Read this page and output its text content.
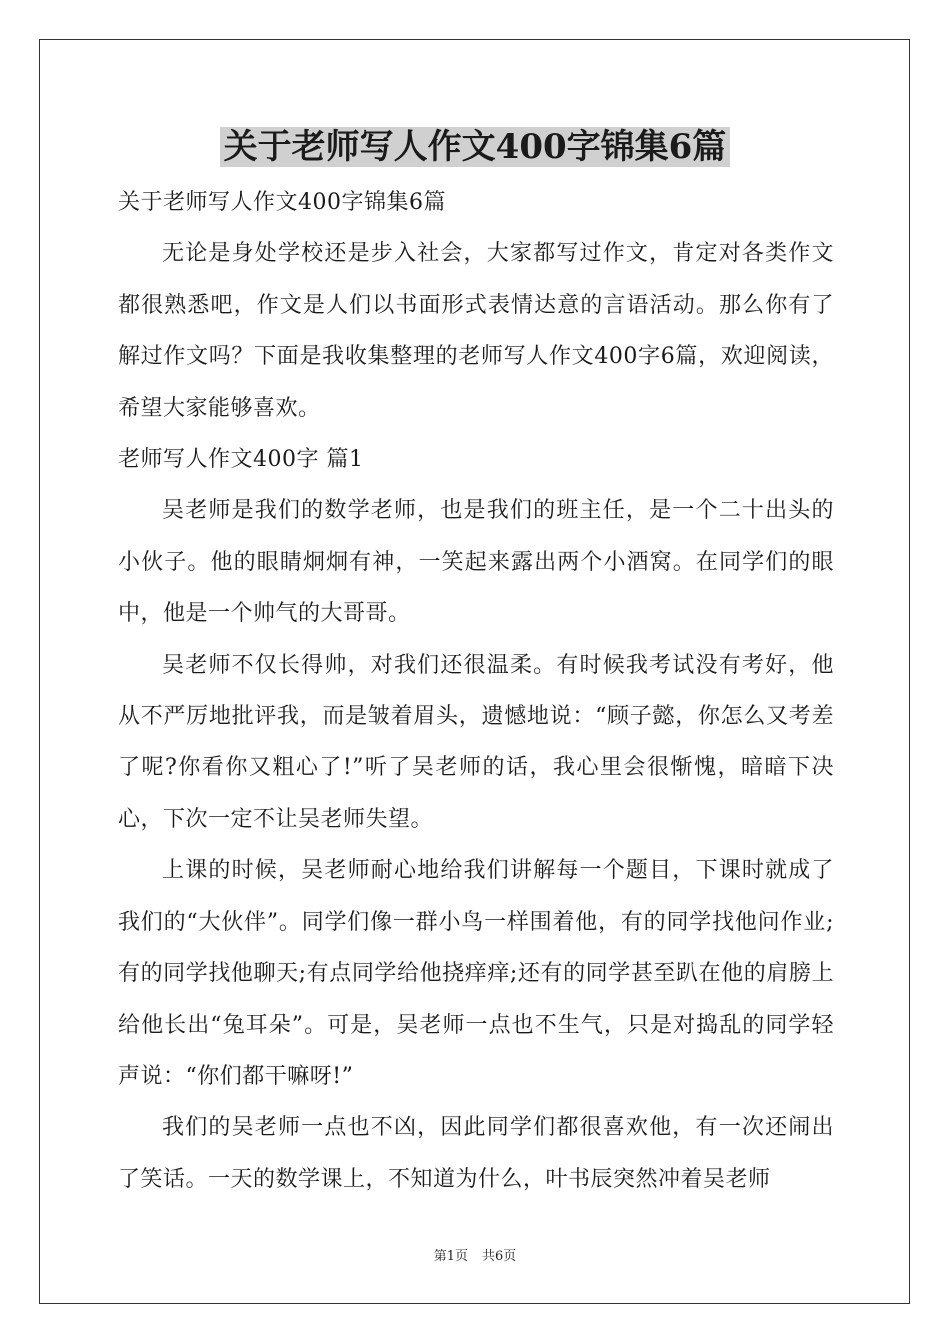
关于老师写人作文400字锦集6篇

关于老师写人作文400字锦集6篇

无论是身处学校还是步入社会，大家都写过作文，肯定对各类作文都很熟悉吧，作文是人们以书面形式表情达意的言语活动。那么你有了解过作文吗？下面是我收集整理的老师写人作文400字6篇，欢迎阅读，希望大家能够喜欢。

老师写人作文400字 篇1

吴老师是我们的数学老师，也是我们的班主任，是一个二十出头的小伙子。他的眼睛炯炯有神，一笑起来露出两个小酒窝。在同学们的眼中，他是一个帅气的大哥哥。

吴老师不仅长得帅，对我们还很温柔。有时候我考试没有考好，他从不严厉地批评我，而是皱着眉头，遗憾地说：“顾子懿，你怎么又考差了呢?你看你又粗心了!”听了吴老师的话，我心里会很惭愧，暗暗下决心，下次一定不让吴老师失望。

上课的时候，吴老师耐心地给我们讲解每一个题目，下课时就成了我们的“大伙伴”。同学们像一群小鸟一样围着他，有的同学找他问作业;有的同学找他聊天;有点同学给他挠痒痒;还有的同学甚至趴在他的肩膀上给他长出“兔耳朵”。可是，吴老师一点也不生气，只是对捣乱的同学轻声说：“你们都干嘛呀!”

我们的吴老师一点也不凶，因此同学们都很喜欢他，有一次还闹出了笑话。一天的数学课上，不知道为什么，叶书辰突然冲着吴老师

第1页 共6页
